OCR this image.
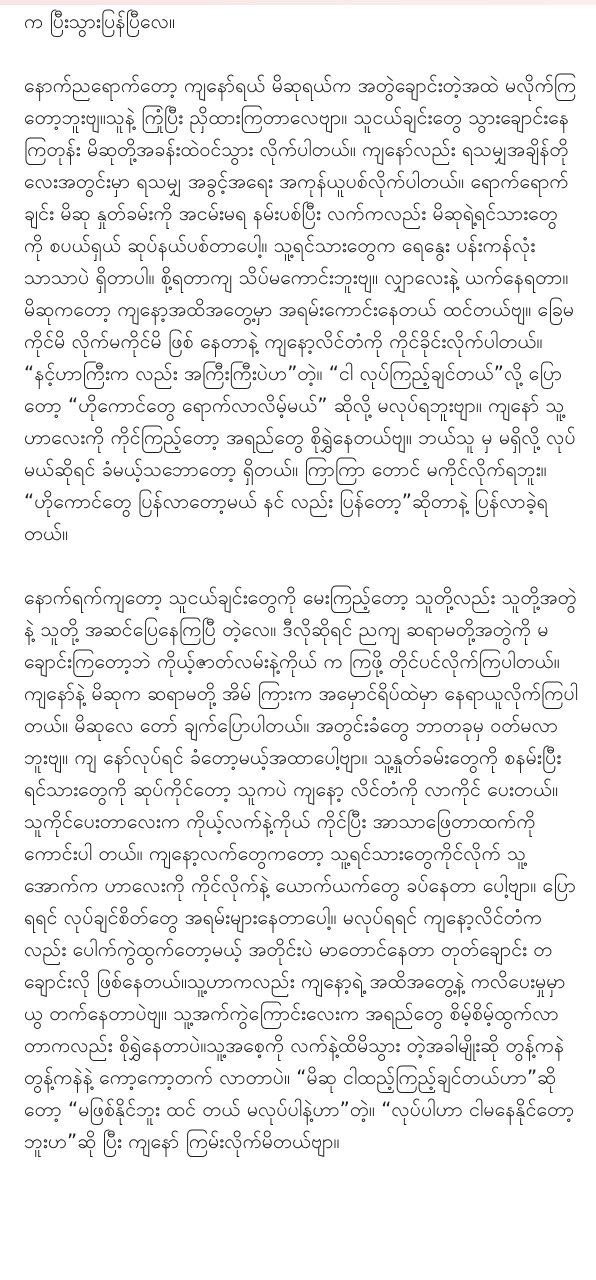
က ပြီးသွားပြန်ပြီလေ။

နောက်ညရောက်တော့ ကျနော်ရယ် မိဆုရယ်က အတွဲချောင်းတဲ့အထဲ မလိုက်ကြတော့ဘူးဗျ။သူနဲ့ ကြုံပြီး ညှိထားကြတာလေဗျာ။ သူငယ်ချင်းတွေ သွားချောင်းနေကြတုန်း မိဆုတို့အခန်းထဲဝင်သွား လိုက်ပါတယ်။ ကျနော်လည်း ရသမျှအချိန်တိုလေးအတွင်းမှာ ရသမျှ အခွင့်အရေး အကုန်ယူပစ်လိုက်ပါတယ်။ ရောက်ရောက်ချင်း မိဆု နှုတ်ခမ်းကို အငမ်းမရ နမ်းပစ်ပြီး လက်ကလည်း မိဆုရဲ့ရင်သားတွေ ကို စပယ်ရှယ် ဆုပ်နယ်ပစ်တာပေါ့။ သူ့ရင်သားတွေက ရေနွေး ပန်းကန်လုံးသာသာပဲ ရှိတာပါ။ စို့ရတာကျ သိပ်မကောင်းဘူးဗျ။ လျှာလေးနဲ့ ယက်နေရတာ။ မိဆုကတော့ ကျနော့အထိအတွေ့မှာ အရမ်းကောင်းနေတယ် ထင်တယ်ဗျ။ ခြေမကိုင်မိ လိုက်မကိုင်မိ ဖြစ် နေတာနဲ့ ကျနော့လိင်တံကို ကိုင်ခိုင်းလိုက်ပါတယ်။ “နင့်ဟာကြီးက လည်း အကြီးကြီးပဲဟ”တဲ့။ “ငါ လုပ်ကြည့်ချင်တယ်”လို့ ပြောတော့ “ဟိုကောင်တွေ ရောက်လာလိမ့်မယ်” ဆိုလို့ မလုပ်ရဘူးဗျာ။ ကျနော် သူ့ဟာလေးကို ကိုင်ကြည့်တော့ အရည်တွေ စိုရွှဲနေတယ်ဗျ။ ဘယ်သူ မှ မရှိလို့ လုပ်မယ်ဆိုရင် ခံမယ့်သဘောတော့ ရှိတယ်။ ကြာကြာ တောင် မကိုင်လိုက်ရဘူး။ “ဟိုကောင်တွေ ပြန်လာတော့မယ် နင် လည်း ပြန်တော့”ဆိုတာနဲ့ ပြန်လာခဲ့ရတယ်။

နောက်ရက်ကျတော့ သူငယ်ချင်းတွေကို မေးကြည့်တော့ သူတို့လည်း သူတို့အတွဲနဲ့ သူတို့ အဆင်ပြေနေကြပြီ တဲ့လေ။ ဒီလိုဆိုရင် ညကျ ဆရာမတို့အတွဲကို မချောင်းကြတော့ဘဲ ကိုယ့်ဇာတ်လမ်းနဲ့ကိုယ် က ကြဖို့ တိုင်ပင်လိုက်ကြပါတယ်။ ကျနော်နဲ့ မိဆုက ဆရာမတို့ အိမ် ကြားက အမှောင်ရိပ်ထဲမှာ နေရာယူလိုက်ကြပါတယ်။ မိဆုလေ တော် ချက်ပြောပါတယ်။ အတွင်းခံတွေ ဘာတခုမှ ဝတ်မလာဘူးဗျ။ ကျ နော်လုပ်ရင် ခံတော့မယ့်အထာပေါ့ဗျာ။ သူ့နှုတ်ခမ်းတွေကို စနမ်းပြီး ရင်သားတွေကို ဆုပ်ကိုင်တော့ သူကပဲ ကျနော့ လိင်တံကို လာကိုင် ပေးတယ်။ သူကိုင်ပေးတာလေးက ကိုယ့်လက်နဲ့ကိုယ် ကိုင်ပြီး အာသာဖြေတာထက်ကို ကောင်းပါ တယ်။ ကျနော့လက်တွေကတော့ သူ့ရင်သားတွေကိုင်လိုက် သူ့အောက်က ဟာလေးကို ကိုင်လိုက်နဲ့ ယောက်ယက်တွေ ခပ်နေတာ ပေါ့ဗျာ။ ပြောရရင် လုပ်ချင်စိတ်တွေ အရမ်းများနေတာပေါ့။ မလုပ်ရရင် ကျနော့လိင်တံကလည်း ပေါက်ကွဲထွက်တော့မယ့် အတိုင်းပဲ မာတောင်နေတာ တုတ်ချောင်း တချောင်းလို ဖြစ်နေတယ်။သူ့ဟာကလည်း ကျနော့ရဲ့ အထိအတွေ့နဲ့ ကလိပေးမှုမှာ ယွ တက်နေတာပဲဗျ။ သူ့အက်ကွဲကြောင်းလေးက အရည်တွေ စိမ့်စိမ့်ထွက်လာတာကလည်း စိုရွှဲနေတာပဲ။သူ့အစေ့ကို လက်နဲ့ထိမိသွား တဲ့အခါမျိုးဆို တွန့်ကနဲ တွန့်ကနဲနဲ့ ကော့ကော့တက် လာတာပဲ။ “မိဆု ငါထည့်ကြည့်ချင်တယ်ဟာ”ဆိုတော့ “မဖြစ်နိုင်ဘူး ထင် တယ် မလုပ်ပါနဲ့ဟာ”တဲ့။ “လုပ်ပါဟာ ငါမနေနိုင်တော့ဘူးဟ”ဆို ပြီး ကျနော် ကြမ်းလိုက်မိတယ်ဗျာ။
